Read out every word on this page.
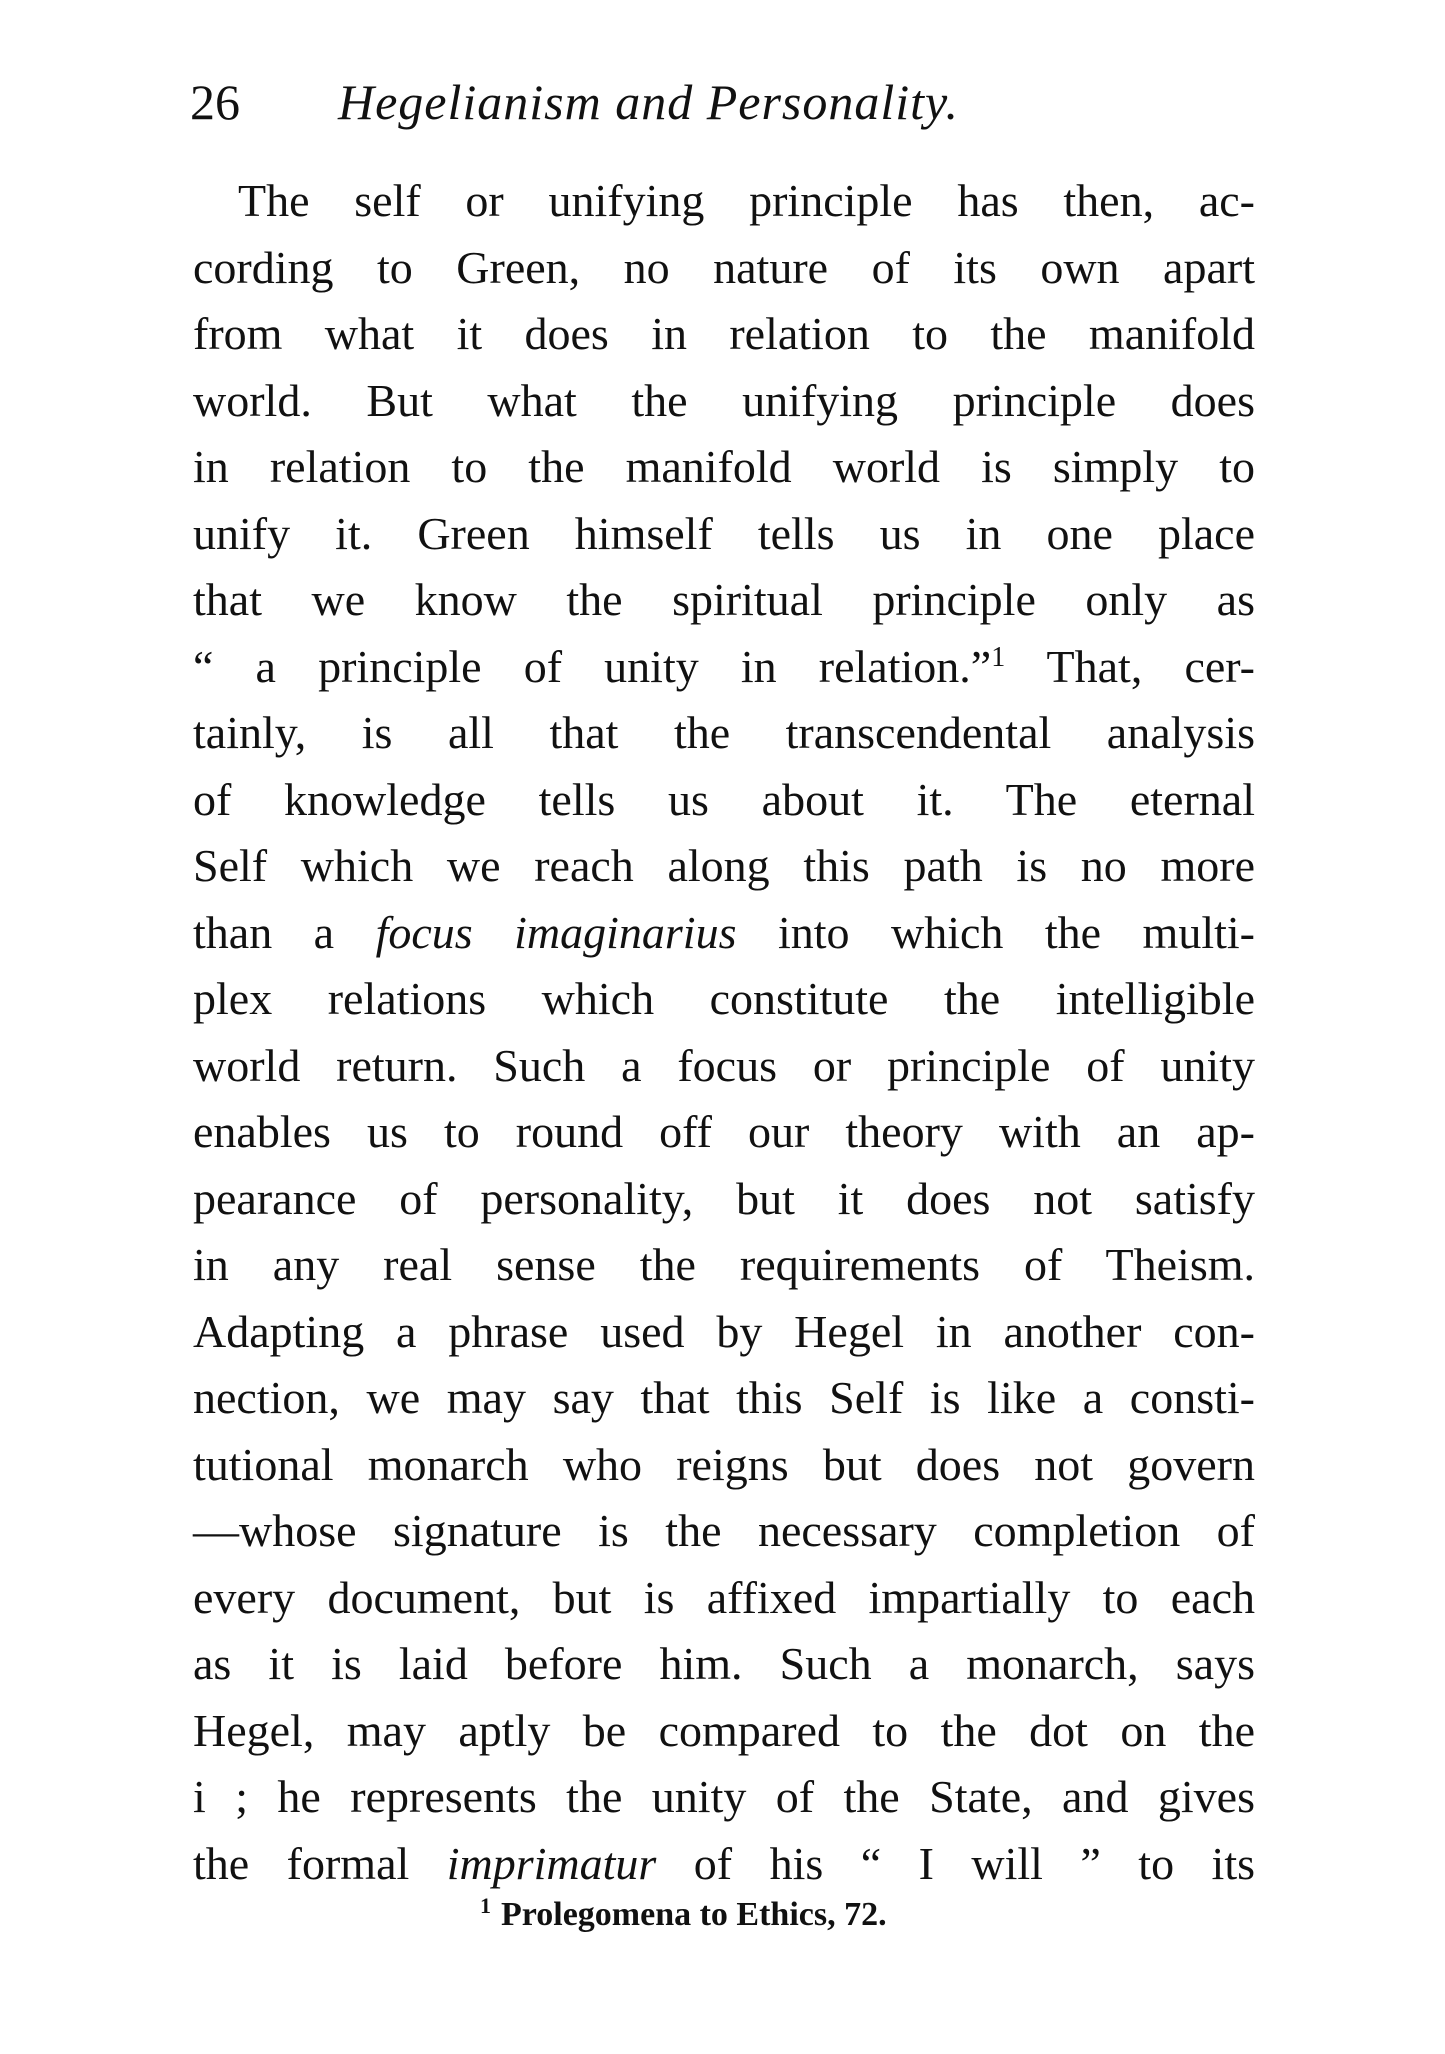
26 Hegelianism and Personality.
The self or unifying principle has then, ac-
cording to Green, no nature of its own apart
from what it does in relation to the manifold
world. But what the unifying principle does
in relation to the manifold world is simply to
unify it. Green himself tells us in one place
that we know the spiritual principle only as
“ a principle of unity in relation.”$^1$ That, cer-
tainly, is all that the transcendental analysis
of knowledge tells us about it. The eternal
Self which we reach along this path is no more
than a focus imaginarius into which the multi-
plex relations which constitute the intelligible
world return. Such a focus or principle of unity
enables us to round off our theory with an ap-
pearance of personality, but it does not satisfy
in any real sense the requirements of Theism.
Adapting a phrase used by Hegel in another con-
nection, we may say that this Self is like a consti-
tutional monarch who reigns but does not govern
—whose signature is the necessary completion of
every document, but is affixed impartially to each
as it is laid before him. Such a monarch, says
Hegel, may aptly be compared to the dot on the
i ; he represents the unity of the State, and gives
the formal imprimatur of his “ I will ” to its
$^1$ Prolegomena to Ethics, 72.
